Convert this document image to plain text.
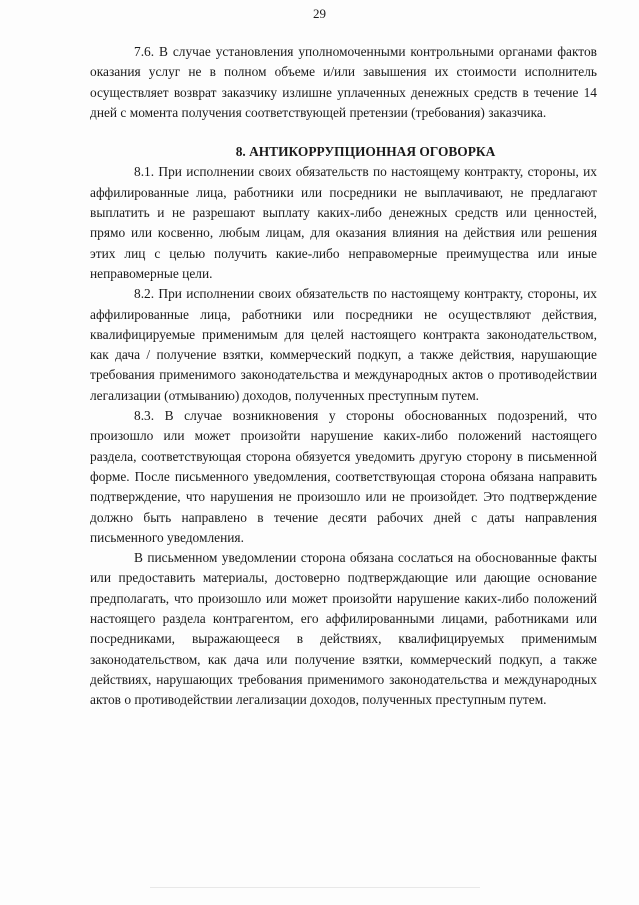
29

7.6. В случае установления уполномоченными контрольными органами фактов оказания услуг не в полном объеме и/или завышения их стоимости исполнитель осуществляет возврат заказчику излишне уплаченных денежных средств в течение 14 дней с момента получения соответствующей претензии (требования) заказчика.

8. АНТИКОРРУПЦИОННАЯ ОГОВОРКА

8.1. При исполнении своих обязательств по настоящему контракту, стороны, их аффилированные лица, работники или посредники не выплачивают, не предлагают выплатить и не разрешают выплату каких-либо денежных средств или ценностей, прямо или косвенно, любым лицам, для оказания влияния на действия или решения этих лиц с целью получить какие-либо неправомерные преимущества или иные неправомерные цели.

8.2. При исполнении своих обязательств по настоящему контракту, стороны, их аффилированные лица, работники или посредники не осуществляют действия, квалифицируемые применимым для целей настоящего контракта законодательством, как дача / получение взятки, коммерческий подкуп, а также действия, нарушающие требования применимого законодательства и международных актов о противодействии легализации (отмыванию) доходов, полученных преступным путем.

8.3. В случае возникновения у стороны обоснованных подозрений, что произошло или может произойти нарушение каких-либо положений настоящего раздела, соответствующая сторона обязуется уведомить другую сторону в письменной форме. После письменного уведомления, соответствующая сторона обязана направить подтверждение, что нарушения не произошло или не произойдет. Это подтверждение должно быть направлено в течение десяти рабочих дней с даты направления письменного уведомления.

В письменном уведомлении сторона обязана сослаться на обоснованные факты или предоставить материалы, достоверно подтверждающие или дающие основание предполагать, что произошло или может произойти нарушение каких-либо положений настоящего раздела контрагентом, его аффилированными лицами, работниками или посредниками, выражающееся в действиях, квалифицируемых применимым законодательством, как дача или получение взятки, коммерческий подкуп, а также действиях, нарушающих требования применимого законодательства и международных актов о противодействии легализации доходов, полученных преступным путем.
